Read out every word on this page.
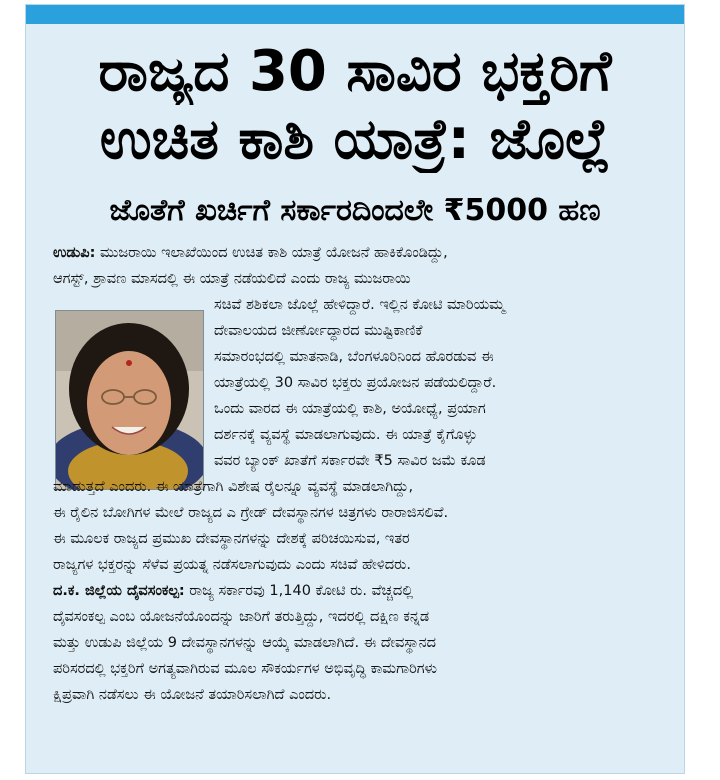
ರಾಜ್ಯದ 30 ಸಾವಿರ ಭಕ್ತರಿಗೆ
ಉಚಿತ ಕಾಶಿ ಯಾತ್ರೆ: ಜೊಲ್ಲೆ
ಜೊತೆಗೆ ಖರ್ಚಿಗೆ ಸರ್ಕಾರದಿಂದಲೇ ₹5000 ಹಣ
ಉಡುಪಿ: ಮುಜರಾಯಿ ಇಲಾಖೆಯಿಂದ ಉಚಿತ ಕಾಶಿ ಯಾತ್ರೆ ಯೋಜನೆ ಹಾಕಿಕೊಂಡಿದ್ದು,
ಆಗಸ್ಟ್, ಶ್ರಾವಣ ಮಾಸದಲ್ಲಿ ಈ ಯಾತ್ರೆ ನಡೆಯಲಿದೆ ಎಂದು ರಾಜ್ಯ ಮುಜರಾಯಿ
ಸಚಿವೆ ಶಶಿಕಲಾ ಜೊಲ್ಲೆ ಹೇಳಿದ್ದಾರೆ. ಇಲ್ಲಿನ ಕೋಟಿ ಮಾರಿಯಮ್ಮ
ದೇವಾಲಯದ ಜೀರ್ಣೋದ್ಧಾರದ ಮುಷ್ಟಿಕಾಣಿಕೆ
ಸಮಾರಂಭದಲ್ಲಿ ಮಾತನಾಡಿ, ಬೆಂಗಳೂರಿನಿಂದ ಹೊರಡುವ ಈ
ಯಾತ್ರೆಯಲ್ಲಿ 30 ಸಾವಿರ ಭಕ್ತರು ಪ್ರಯೋಜನ ಪಡೆಯಲಿದ್ದಾರೆ.
ಒಂದು ವಾರದ ಈ ಯಾತ್ರೆಯಲ್ಲಿ ಕಾಶಿ, ಅಯೋಧ್ಯೆ, ಪ್ರಯಾಗ
ದರ್ಶನಕ್ಕೆ ವ್ಯವಸ್ಥೆ ಮಾಡಲಾಗುವುದು. ಈ ಯಾತ್ರೆ ಕೈಗೊಳ್ಳು
ವವರ ಬ್ಯಾಂಕ್ ಖಾತೆಗೆ ಸರ್ಕಾರವೇ ₹5 ಸಾವಿರ ಜಮೆ ಕೂಡ
ಮಾಡುತ್ತದೆ ಎಂದರು. ಈ ಯಾತ್ರೆಗಾಗಿ ವಿಶೇಷ ರೈಲನ್ನೂ ವ್ಯವಸ್ಥೆ ಮಾಡಲಾಗಿದ್ದು,
ಈ ರೈಲಿನ ಬೋಗಿಗಳ ಮೇಲೆ ರಾಜ್ಯದ ಎ ಗ್ರೇಡ್ ದೇವಸ್ಥಾನಗಳ ಚಿತ್ರಗಳು ರಾರಾಜಿಸಲಿವೆ.
ಈ ಮೂಲಕ ರಾಜ್ಯದ ಪ್ರಮುಖ ದೇವಸ್ಥಾನಗಳನ್ನು ದೇಶಕ್ಕೆ ಪರಿಚಯಿಸುವ, ಇತರ
ರಾಜ್ಯಗಳ ಭಕ್ತರನ್ನು ಸೆಳೆವ ಪ್ರಯತ್ನ ನಡೆಸಲಾಗುವುದು ಎಂದು ಸಚಿವೆ ಹೇಳಿದರು.
ದ.ಕ. ಜಿಲ್ಲೆಯ ದೈವಸಂಕಲ್ಪ: ರಾಜ್ಯ ಸರ್ಕಾರವು 1,140 ಕೋಟಿ ರು. ವೆಚ್ಚದಲ್ಲಿ
ದೈವಸಂಕಲ್ಪ ಎಂಬ ಯೋಜನೆಯೊಂದನ್ನು ಜಾರಿಗೆ ತರುತ್ತಿದ್ದು, ಇದರಲ್ಲಿ ದಕ್ಷಿಣ ಕನ್ನಡ
ಮತ್ತು ಉಡುಪಿ ಜಿಲ್ಲೆಯ 9 ದೇವಸ್ಥಾನಗಳನ್ನು ಆಯ್ಕೆ ಮಾಡಲಾಗಿದೆ. ಈ ದೇವಸ್ಥಾನದ
ಪರಿಸರದಲ್ಲಿ ಭಕ್ತರಿಗೆ ಅಗತ್ಯವಾಗಿರುವ ಮೂಲ ಸೌಕರ್ಯಗಳ ಅಭಿವೃದ್ಧಿ ಕಾಮಗಾರಿಗಳು
ಕ್ಷಿಪ್ರವಾಗಿ ನಡೆಸಲು ಈ ಯೋಜನೆ ತಯಾರಿಸಲಾಗಿದೆ ಎಂದರು.
